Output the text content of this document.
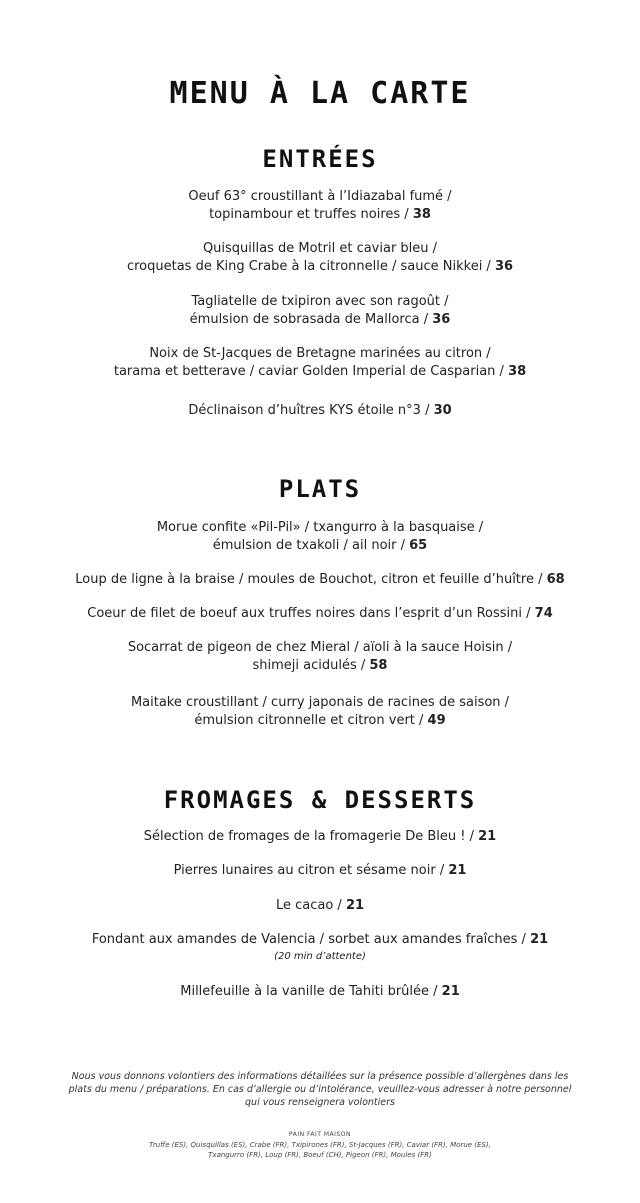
MENU À LA CARTE
ENTRÉES
Oeuf 63° croustillant à l’Idiazabal fumé /
topinambour et truffes noires / 38
Quisquillas de Motril et caviar bleu /
croquetas de King Crabe à la citronnelle / sauce Nikkei / 36
Tagliatelle de txipiron avec son ragoût /
émulsion de sobrasada de Mallorca / 36
Noix de St-Jacques de Bretagne marinées au citron /
tarama et betterave / caviar Golden Imperial de Casparian / 38
Déclinaison d’huîtres KYS étoile n°3 / 30
PLATS
Morue confite «Pil-Pil» / txangurro à la basquaise /
émulsion de txakoli / ail noir / 65
Loup de ligne à la braise / moules de Bouchot, citron et feuille d’huître / 68
Coeur de filet de boeuf aux truffes noires dans l’esprit d’un Rossini / 74
Socarrat de pigeon de chez Mieral / aïoli à la sauce Hoisin /
shimeji acidulés / 58
Maitake croustillant / curry japonais de racines de saison /
émulsion citronnelle et citron vert / 49
FROMAGES & DESSERTS
Sélection de fromages de la fromagerie De Bleu ! / 21
Pierres lunaires au citron et sésame noir / 21
Le cacao / 21
Fondant aux amandes de Valencia / sorbet aux amandes fraîches / 21
(20 min d’attente)
Millefeuille à la vanille de Tahiti brûlée / 21
Nous vous donnons volontiers des informations détaillées sur la présence possible d’allergènes dans les plats du menu / préparations. En cas d’allergie ou d’intolérance, veuillez-vous adresser à notre personnel qui vous renseignera volontiers
PAIN FAIT MAISON
Truffe (ES), Quisquillas (ES), Crabe (FR), Txipirones (FR), St-Jacques (FR), Caviar (FR), Morue (ES), Txangurro (FR), Loup (FR), Boeuf (CH), Pigeon (FR), Moules (FR)
